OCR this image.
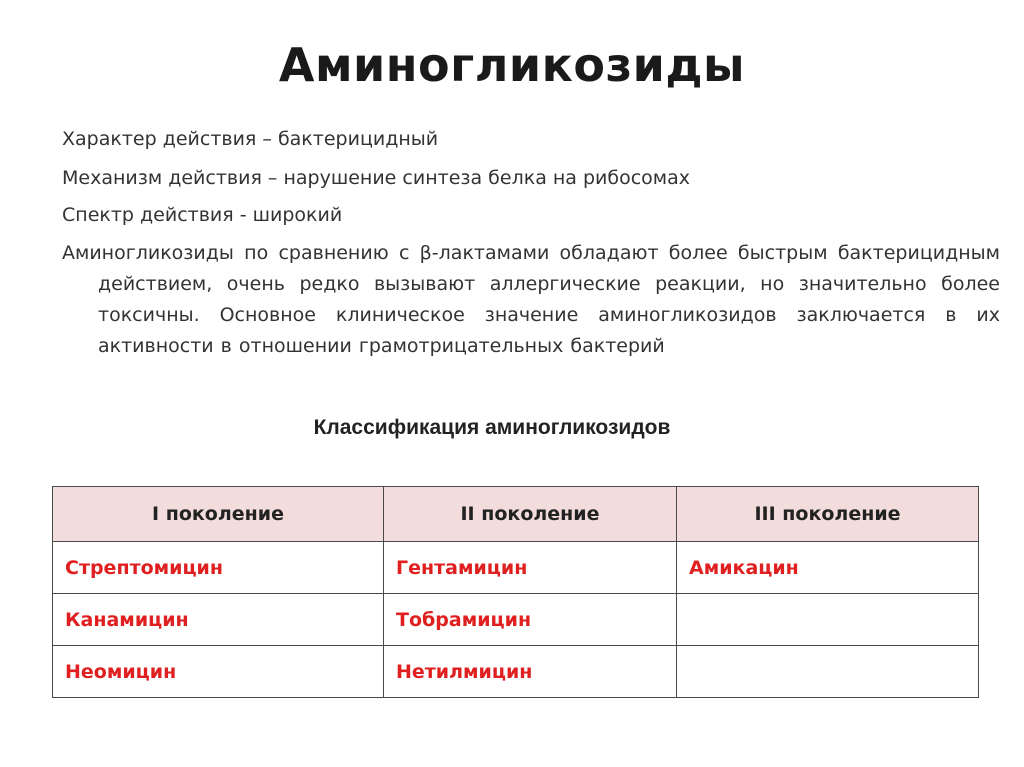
Аминогликозиды
Характер действия – бактерицидный
Механизм действия – нарушение синтеза белка на рибосомах
Спектр действия - широкий
Аминогликозиды по сравнению с β-лактамами обладают более быстрым бактерицидным действием, очень редко вызывают аллергические реакции, но значительно более токсичны. Основное клиническое значение аминогликозидов заключается в их активности в отношении грамотрицательных бактерий
Классификация аминогликозидов
I поколение	II поколение	III поколение
Стрептомицин	Гентамицин	Амикацин
Канамицин	Тобрамицин	
Неомицин	Нетилмицин	
